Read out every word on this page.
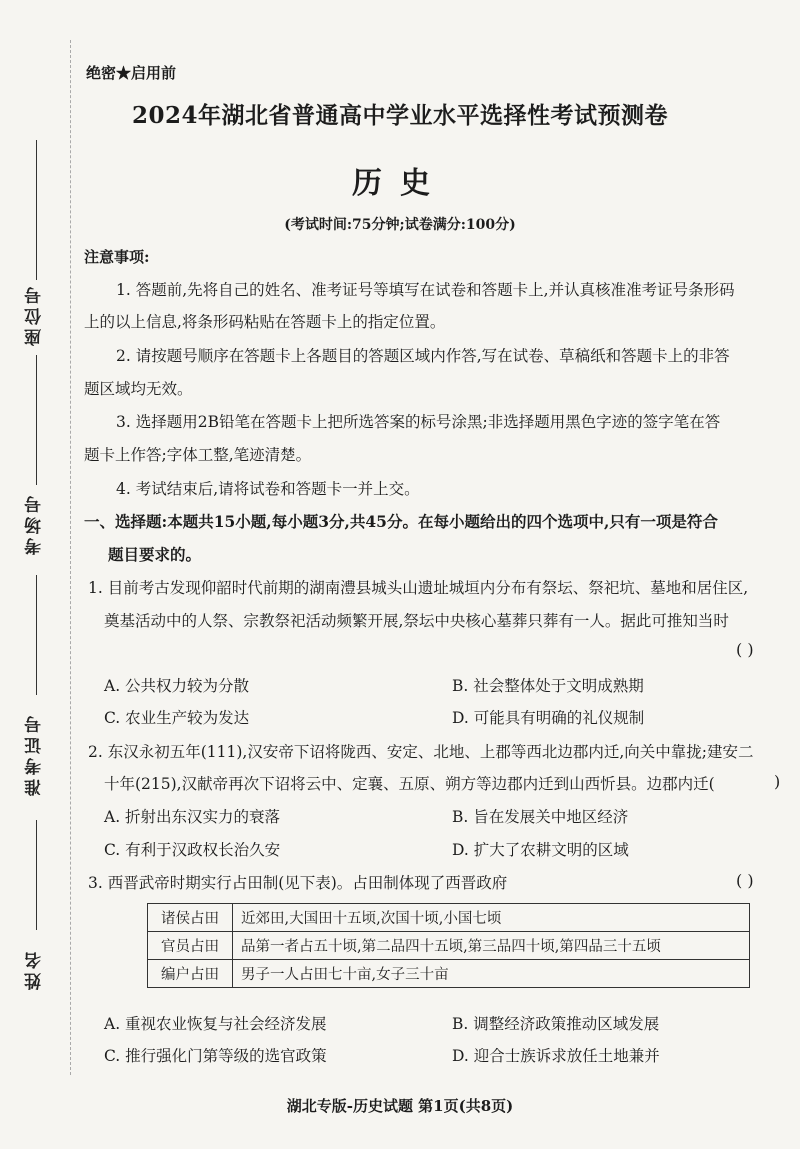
座位号
考场号
准考证号
姓名
绝密★启用前
2024年湖北省普通高中学业水平选择性考试预测卷
历史
(考试时间:75分钟;试卷满分:100分)
注意事项:
1. 答题前,先将自己的姓名、准考证号等填写在试卷和答题卡上,并认真核准准考证号条形码
上的以上信息,将条形码粘贴在答题卡上的指定位置。
2. 请按题号顺序在答题卡上各题目的答题区域内作答,写在试卷、草稿纸和答题卡上的非答
题区域均无效。
3. 选择题用2B铅笔在答题卡上把所选答案的标号涂黑;非选择题用黑色字迹的签字笔在答
题卡上作答;字体工整,笔迹清楚。
4. 考试结束后,请将试卷和答题卡一并上交。
一、选择题:本题共15小题,每小题3分,共45分。在每小题给出的四个选项中,只有一项是符合
题目要求的。
1. 目前考古发现仰韶时代前期的湖南澧县城头山遗址城垣内分布有祭坛、祭祀坑、墓地和居住区,
奠基活动中的人祭、宗教祭祀活动频繁开展,祭坛中央核心墓葬只葬有一人。据此可推知当时
( )
A. 公共权力较为分散	B. 社会整体处于文明成熟期
C. 农业生产较为发达	D. 可能具有明确的礼仪规制
2. 东汉永初五年(111),汉安帝下诏将陇西、安定、北地、上郡等西北边郡内迁,向关中靠拢;建安二
十年(215),汉献帝再次下诏将云中、定襄、五原、朔方等边郡内迁到山西忻县。边郡内迁(	)
A. 折射出东汉实力的衰落	B. 旨在发展关中地区经济
C. 有利于汉政权长治久安	D. 扩大了农耕文明的区域
3. 西晋武帝时期实行占田制(见下表)。占田制体现了西晋政府	( )
诸侯占田	近郊田,大国田十五顷,次国十顷,小国七顷
官员占田	品第一者占五十顷,第二品四十五顷,第三品四十顷,第四品三十五顷
编户占田	男子一人占田七十亩,女子三十亩
A. 重视农业恢复与社会经济发展	B. 调整经济政策推动区域发展
C. 推行强化门第等级的选官政策	D. 迎合士族诉求放任土地兼并
湖北专版-历史试题 第1页(共8页)
